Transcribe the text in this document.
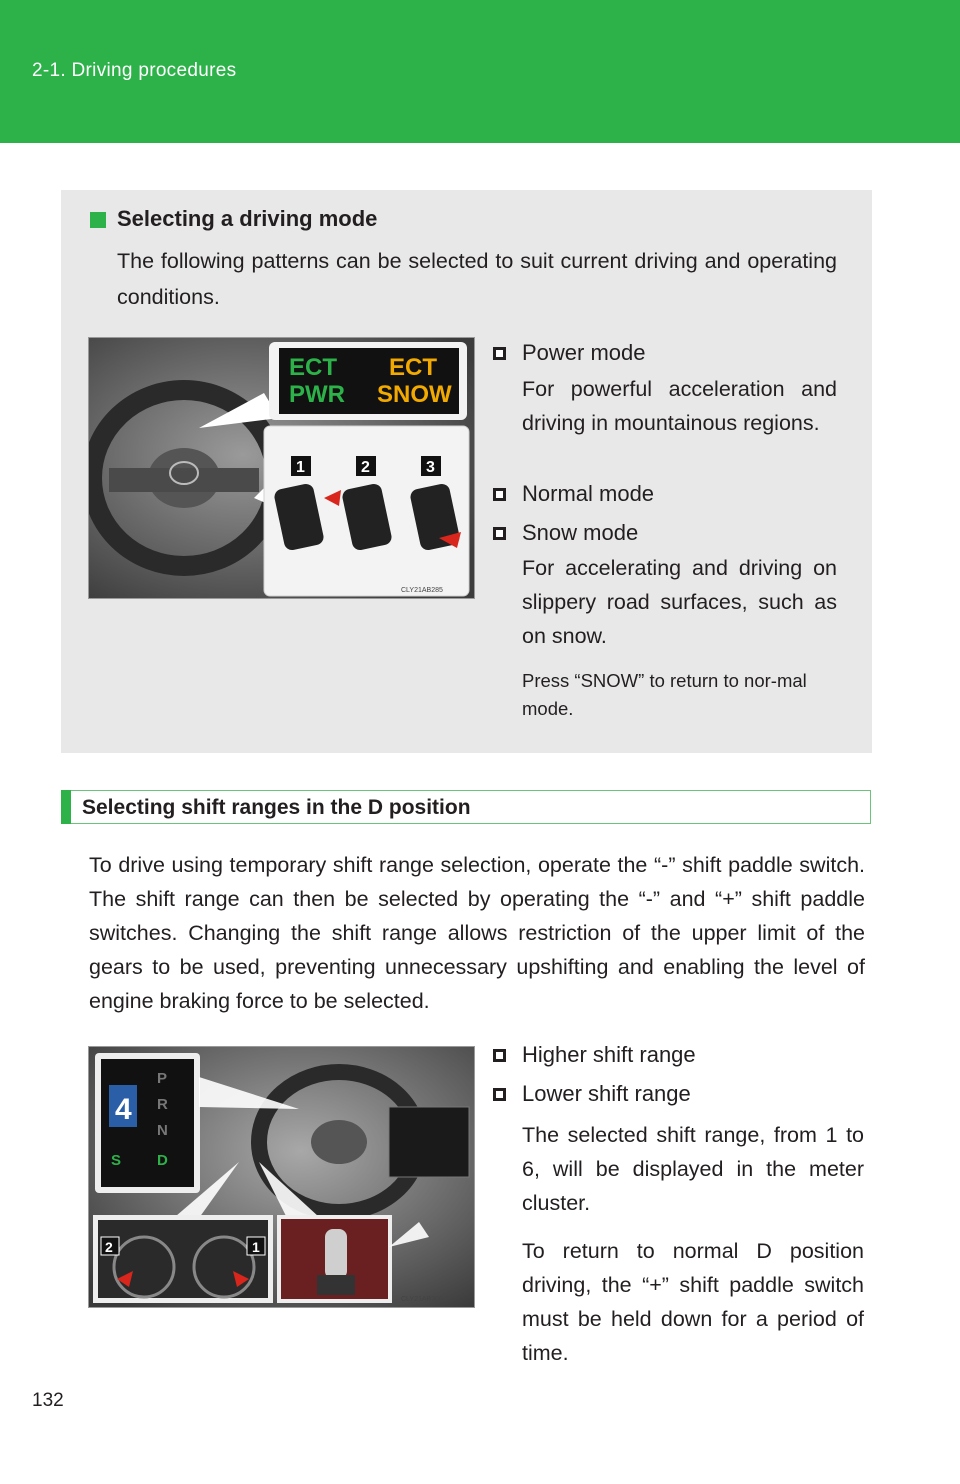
2-1. Driving procedures
Selecting a driving mode
The following patterns can be selected to suit current driving and operating conditions.
ECT
PWR
ECT
SNOW
1	2	3
CLY21AB285
Power mode
For powerful acceleration and driving in mountainous regions.
Normal mode
Snow mode
For accelerating and driving on slippery road surfaces, such as on snow.
Press “SNOW” to return to nor-mal mode.
Selecting shift ranges in the D position
To drive using temporary shift range selection, operate the “-” shift paddle switch. The shift range can then be selected by operating the “-” and “+” shift paddle switches. Changing the shift range allows restriction of the upper limit of the gears to be used, preventing unnecessary upshifting and enabling the level of engine braking force to be selected.
4
P
R
N
S D
2	1
CLY21AB300
Higher shift range
Lower shift range
The selected shift range, from 1 to 6, will be displayed in the meter cluster.
To return to normal D position driving, the “+” shift paddle switch must be held down for a period of time.
132
